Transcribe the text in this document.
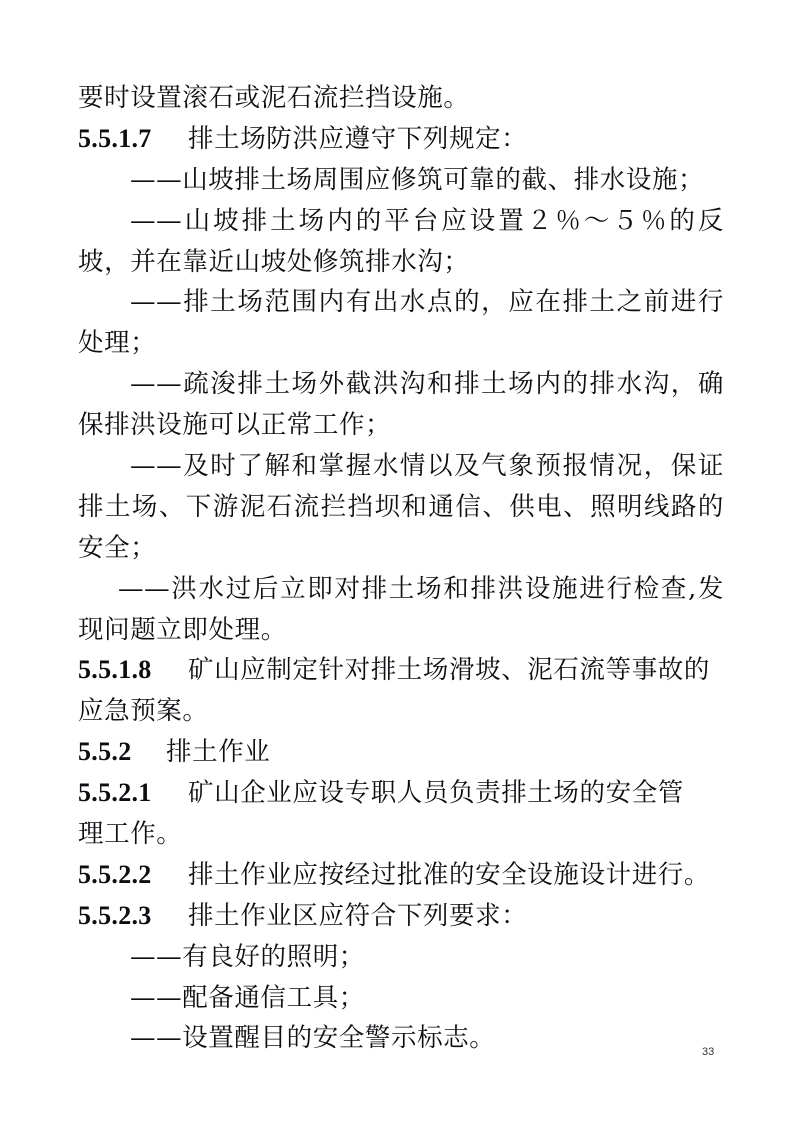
要时设置滚石或泥石流拦挡设施。
5.5.1.7 排土场防洪应遵守下列规定：
——山坡排土场周围应修筑可靠的截、排水设施；
——山坡排土场内的平台应设置２％～５％的反
坡，并在靠近山坡处修筑排水沟；
——排土场范围内有出水点的，应在排土之前进行
处理；
——疏浚排土场外截洪沟和排土场内的排水沟，确
保排洪设施可以正常工作；
——及时了解和掌握水情以及气象预报情况，保证
排土场、下游泥石流拦挡坝和通信、供电、照明线路的
安全；
——洪水过后立即对排土场和排洪设施进行检查,发
现问题立即处理。
5.5.1.8 矿山应制定针对排土场滑坡、泥石流等事故的
应急预案。
5.5.2 排土作业
5.5.2.1 矿山企业应设专职人员负责排土场的安全管
理工作。
5.5.2.2 排土作业应按经过批准的安全设施设计进行。
5.5.2.3 排土作业区应符合下列要求：
——有良好的照明；
——配备通信工具；
——设置醒目的安全警示标志。	33
